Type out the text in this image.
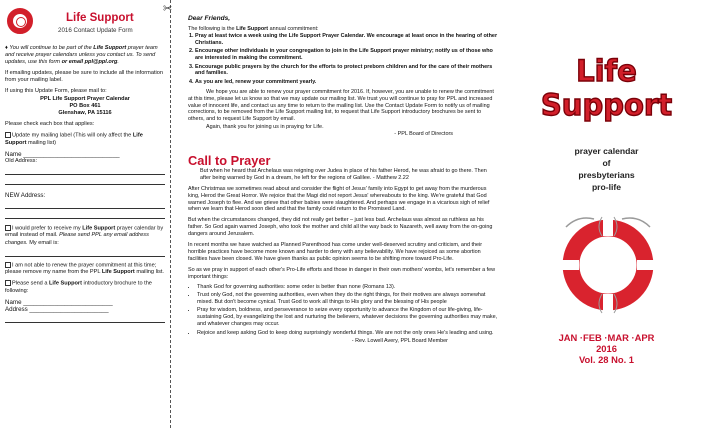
Life Support
2016 Contact Update Form

♦ You will continue to be part of the Life Support prayer team and receive prayer calendars unless you contact us. To send updates, use this form or email ppl@ppl.org.

If emailing updates, please be sure to include all the information from your mailing label.

If using this Update Form, please mail to:

PPL Life Support Prayer Calendar
PO Box 461
Glenshaw, PA 15116

Please check each box that applies:

Update my mailing label (This will only affect the Life Support mailing list)

Name ____________________________
Old Address:
NEW Address:

I would prefer to receive my Life Support prayer calendar by email instead of mail. Please send PPL any email address changes. My email is:

I am not able to renew the prayer commitment at this time; please remove my name from the PPL Life Support mailing list.

Please send a Life Support introductory brochure to the following:

Name __________________________
Address _______________________
✂
Dear Friends,
The following is the Life Support annual commitment:
1. Pray at least twice a week using the Life Support Prayer Calendar. We encourage at least once in the hearing of other Christians.
2. Encourage other individuals in your congregation to join in the Life Support prayer ministry; notify us of those who are interested in making the commitment.
3. Encourage public prayers by the church for the efforts to protect preborn children and for the care of their mothers and families.
4. As you are led, renew your commitment yearly.
We hope you are able to renew your prayer commitment for 2016. If, however, you are unable to renew the commitment at this time, please let us know so that we may update our mailing list. We trust you will continue to pray for PPL and increased value of innocent life, and contact us any time to return to the mailing list. Use the Contact Update Form to notify us of mailing corrections, to be removed from the Life Support mailing list, to request that Life Support introductory brochures be sent to others, and to request Life Support by email.
Again, thank you for joining us in praying for Life.
- PPL Board of Directors
Call to Prayer
But when he heard that Archelaus was reigning over Judea in place of his father Herod, he was afraid to go there. Then after being warned by God in a dream, he left for the regions of Galilee. - Matthew 2.22
After Christmas we sometimes read about and consider the flight of Jesus' family into Egypt to get away from the murderous king, Herod the Great Horror. We rejoice that the Magi did not report Jesus' whereabouts to the king. We're grateful that God warned Joseph to flee. And we grieve that other babies were slaughtered. And perhaps we engage in a vicarious sigh of relief when we learn that Herod soon died and that the family could return to the Promised Land.
But when the circumstances changed, they did not really get better – just less bad. Archelaus was almost as ruthless as his father. So God again warned Joseph, who took the mother and child all the way back to Nazareth, well away from the on-going dangers around Jerusalem.
In recent months we have watched as Planned Parenthood has come under well-deserved scrutiny and criticism, and their horrible practices have become more known and harder to deny with any believability. We have rejoiced as some abortion facilities have been closed. We have given thanks as public opinion seems to be shifting more toward Pro-Life.
So as we pray in support of each other's Pro-Life efforts and those in danger in their own mothers' wombs, let's remember a few important things:
• Thank God for governing authorities: some order is better than none (Romans 13).
• Trust only God, not the governing authorities, even when they do the right things, for their motives are always somewhat mixed. But don't become cynical. Trust God to work all things to His glory and the blessing of His people
• Pray for wisdom, boldness, and perseverance to seize every opportunity to advance the Kingdom of our life-giving, life-sustaining God, by evangelizing the lost and nurturing the believers, whatever decisions the governing authorities may make, and whatever changes may occur.
• Rejoice and keep asking God to keep doing surprisingly wonderful things. We are not the only ones He's leading and using.
- Rev. Lowell Avery, PPL Board Member
Life
Support
prayer calendar
of
presbyterians
pro-life
JAN ·FEB ·MAR ·APR
2016
Vol. 28 No. 1
